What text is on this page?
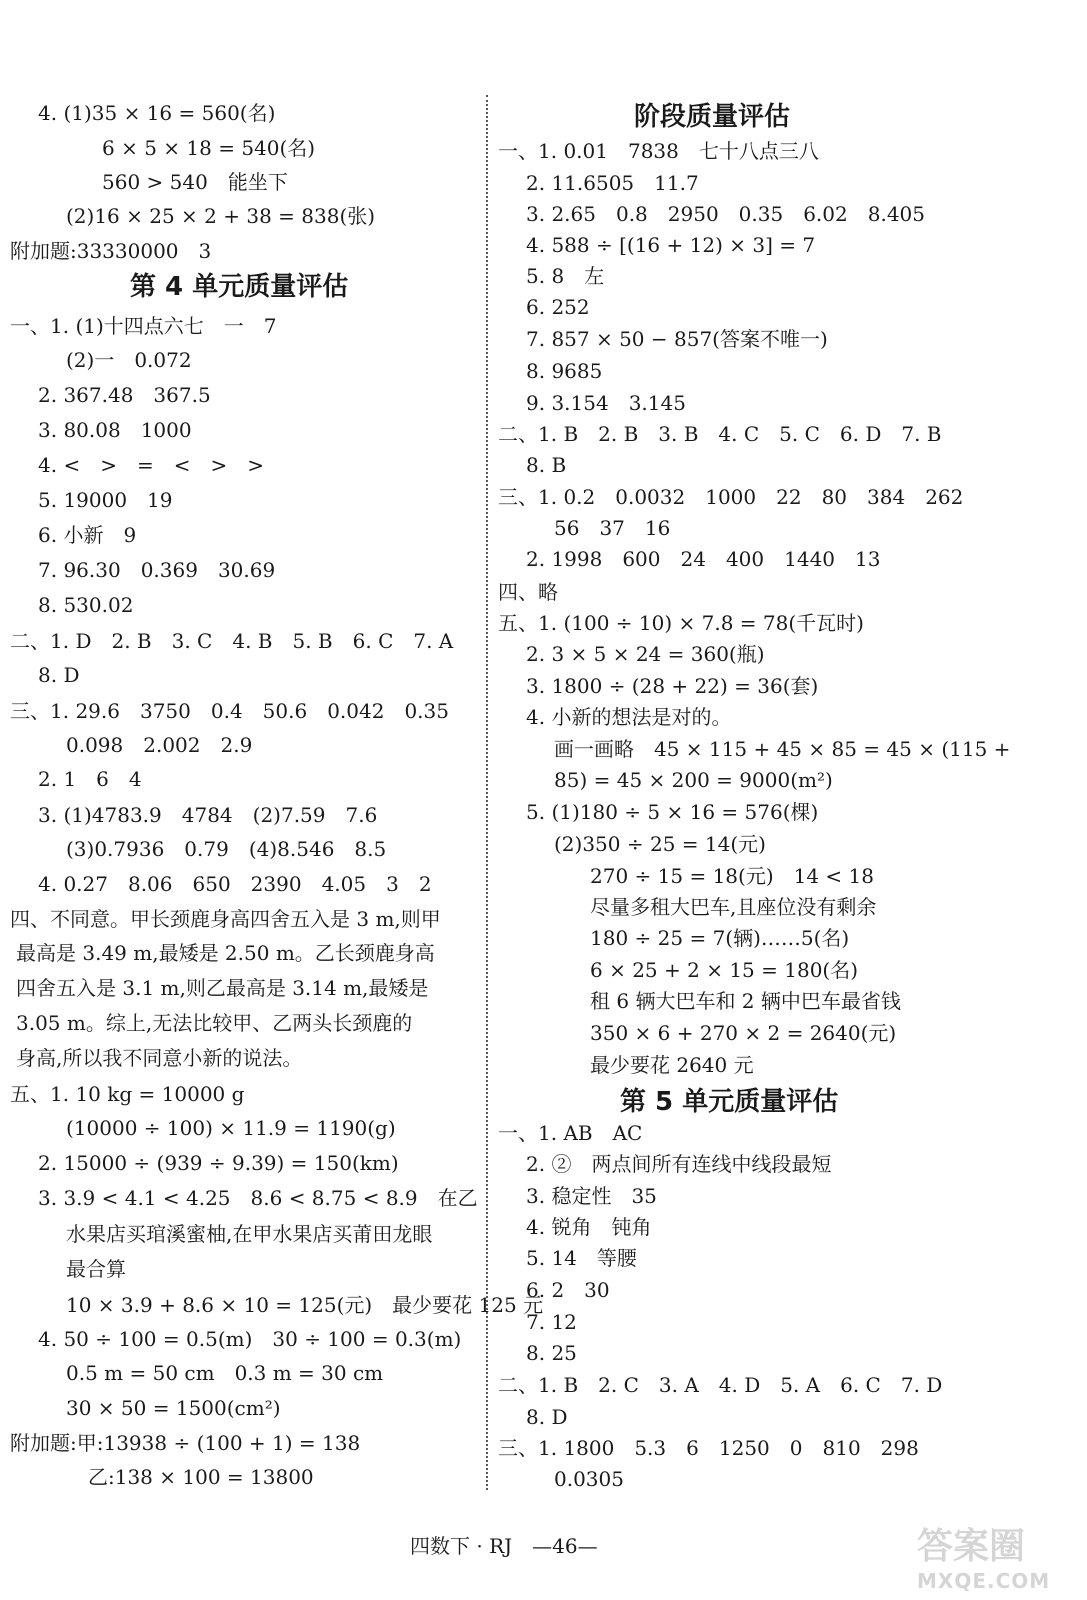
4. (1)35 × 16 = 560(名)
6 × 5 × 18 = 540(名)
560 > 540　能坐下
(2)16 × 25 × 2 + 38 = 838(张)
附加题:33330000　3
第 4 单元质量评估
一、1. (1)十四点六七　一　7
(2)一　0.072
2. 367.48　367.5
3. 80.08　1000
4. <　>　=　<　>　>
5. 19000　19
6. 小新　9
7. 96.30　0.369　30.69
8. 530.02
二、1. D　2. B　3. C　4. B　5. B　6. C　7. A
8. D
三、1. 29.6　3750　0.4　50.6　0.042　0.35
0.098　2.002　2.9
2. 1　6　4
3. (1)4783.9　4784　(2)7.59　7.6
(3)0.7936　0.79　(4)8.546　8.5
4. 0.27　8.06　650　2390　4.05　3　2
四、不同意。甲长颈鹿身高四舍五入是 3 m,则甲
最高是 3.49 m,最矮是 2.50 m。乙长颈鹿身高
四舍五入是 3.1 m,则乙最高是 3.14 m,最矮是
3.05 m。综上,无法比较甲、乙两头长颈鹿的
身高,所以我不同意小新的说法。
五、1. 10 kg = 10000 g
(10000 ÷ 100) × 11.9 = 1190(g)
2. 15000 ÷ (939 ÷ 9.39) = 150(km)
3. 3.9 < 4.1 < 4.25　8.6 < 8.75 < 8.9　在乙
水果店买琯溪蜜柚,在甲水果店买莆田龙眼
最合算
10 × 3.9 + 8.6 × 10 = 125(元)　最少要花 125 元
4. 50 ÷ 100 = 0.5(m)　30 ÷ 100 = 0.3(m)
0.5 m = 50 cm　0.3 m = 30 cm
30 × 50 = 1500(cm²)
附加题:甲:13938 ÷ (100 + 1) = 138
乙:138 × 100 = 13800
阶段质量评估
一、1. 0.01　7838　七十八点三八
2. 11.6505　11.7
3. 2.65　0.8　2950　0.35　6.02　8.405
4. 588 ÷ [(16 + 12) × 3] = 7
5. 8　左
6. 252
7. 857 × 50 − 857(答案不唯一)
8. 9685
9. 3.154　3.145
二、1. B　2. B　3. B　4. C　5. C　6. D　7. B
8. B
三、1. 0.2　0.0032　1000　22　80　384　262
56　37　16
2. 1998　600　24　400　1440　13
四、略
五、1. (100 ÷ 10) × 7.8 = 78(千瓦时)
2. 3 × 5 × 24 = 360(瓶)
3. 1800 ÷ (28 + 22) = 36(套)
4. 小新的想法是对的。
画一画略　45 × 115 + 45 × 85 = 45 × (115 +
85) = 45 × 200 = 9000(m²)
5. (1)180 ÷ 5 × 16 = 576(棵)
(2)350 ÷ 25 = 14(元)
270 ÷ 15 = 18(元)　14 < 18
尽量多租大巴车,且座位没有剩余
180 ÷ 25 = 7(辆)……5(名)
6 × 25 + 2 × 15 = 180(名)
租 6 辆大巴车和 2 辆中巴车最省钱
350 × 6 + 270 × 2 = 2640(元)
最少要花 2640 元
第 5 单元质量评估
一、1. AB　AC
2. ②　两点间所有连线中线段最短
3. 稳定性　35
4. 锐角　钝角
5. 14　等腰
6. 2　30
7. 12
8. 25
二、1. B　2. C　3. A　4. D　5. A　6. C　7. D
8. D
三、1. 1800　5.3　6　1250　0　810　298
0.0305
四数下 · RJ　—46—	答案圈
MXQE.COM
